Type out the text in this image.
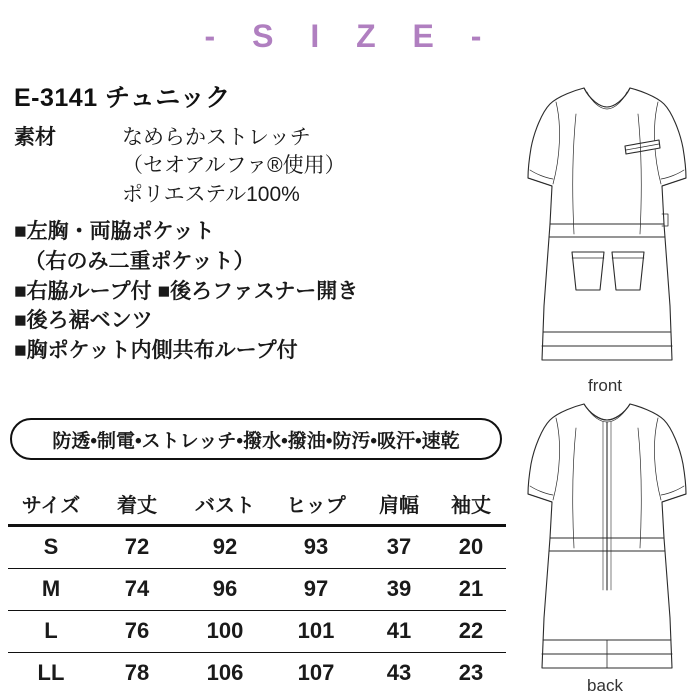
- S I Z E -
E-3141 チュニック
素材	なめらかストレッチ
（セオアルファ®使用）
ポリエステル100%
■左胸・両脇ポケット
　（右のみ二重ポケット）
■右脇ループ付 ■後ろファスナー開き
■後ろ裾ベンツ
■胸ポケット内側共布ループ付
防透•制電•ストレッチ•撥水•撥油•防汚•吸汗•速乾
サイズ	着丈	バスト	ヒップ	肩幅	袖丈
S	72	92	93	37	20
M	74	96	97	39	21
L	76	100	101	41	22
LL	78	106	107	43	23
front
back
